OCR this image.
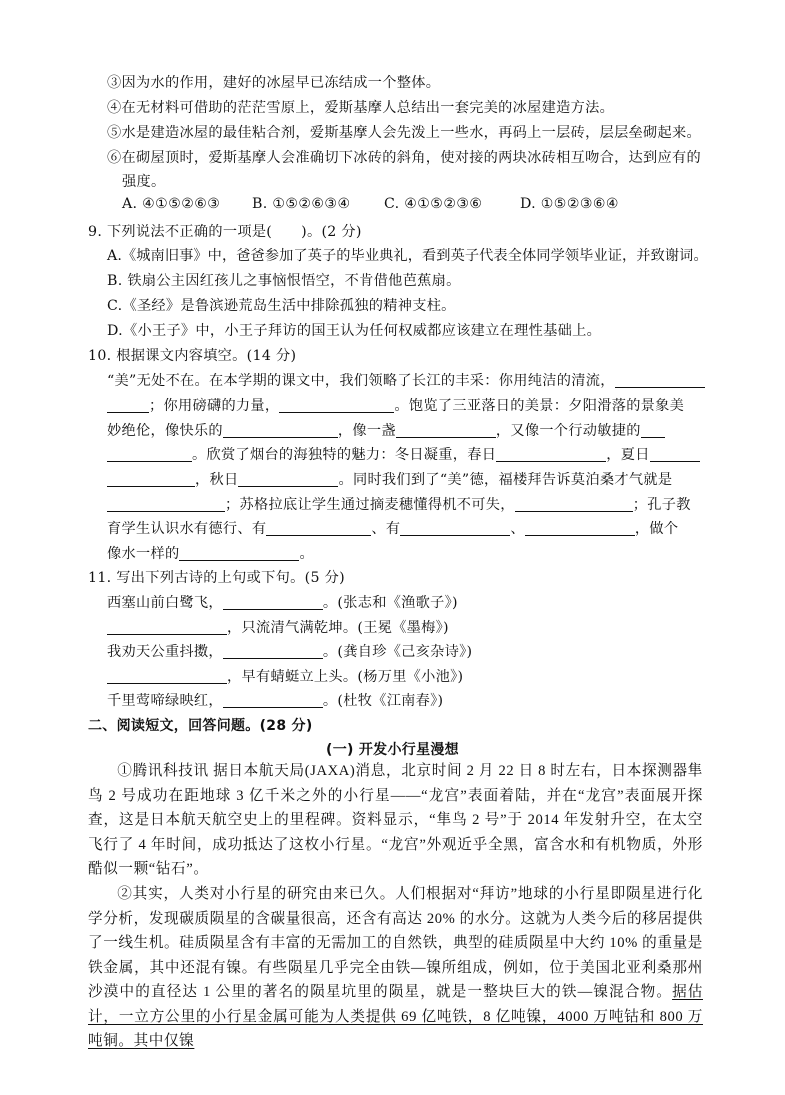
③因为水的作用，建好的冰屋早已冻结成一个整体。
④在无材料可借助的茫茫雪原上，爱斯基摩人总结出一套完美的冰屋建造方法。
⑤水是建造冰屋的最佳粘合剂，爱斯基摩人会先泼上一些水，再码上一层砖，层层垒砌起来。
⑥在砌屋顶时，爱斯基摩人会准确切下冰砖的斜角，使对接的两块冰砖相互吻合，达到应有的
强度。
A. ④①⑤②⑥③ B. ①⑤②⑥③④ C. ④①⑤②③⑥	D. ①⑤②③⑥④
9. 下列说法不正确的一项是(　　)。(2 分)
A.《城南旧事》中，爸爸参加了英子的毕业典礼，看到英子代表全体同学领毕业证，并致谢词。
B. 铁扇公主因红孩儿之事恼恨悟空，不肯借他芭蕉扇。
C.《圣经》是鲁滨逊荒岛生活中排除孤独的精神支柱。
D.《小王子》中，小王子拜访的国王认为任何权威都应该建立在理性基础上。
10. 根据课文内容填空。(14 分)
“美”无处不在。在本学期的课文中，我们领略了长江的丰采：你用纯洁的清流，
；你用磅礴的力量，	。饱览了三亚落日的美景：夕阳滑落的景象美
妙绝伦，像快乐的	，像一盏	，又像一个行动敏捷的
。欣赏了烟台的海独特的魅力：冬日凝重，春日	，夏日
，秋日	。同时我们到了“美”德，福楼拜告诉莫泊桑才气就是
；苏格拉底让学生通过摘麦穗懂得机不可失，	；孔子教
育学生认识水有德行、有	、有	、	，做个
像水一样的	。
11. 写出下列古诗的上句或下句。(5 分)
西塞山前白鹭飞，	。(张志和《渔歌子》)
，只流清气满乾坤。(王冕《墨梅》)
我劝天公重抖擞，	。(龚自珍《己亥杂诗》)
，早有蜻蜓立上头。(杨万里《小池》)
千里莺啼绿映红，	。(杜牧《江南春》)
二、阅读短文，回答问题。(28 分)
(一) 开发小行星漫想
①腾讯科技讯 据日本航天局(JAXA)消息，北京时间 2 月 22 日 8 时左右，日本探测器隼鸟 2 号成功在距地球 3 亿千米之外的小行星——“龙宫”表面着陆，并在“龙宫”表面展开探查，这是日本航天航空史上的里程碑。资料显示，“隼鸟 2 号”于 2014 年发射升空，在太空飞行了 4 年时间，成功抵达了这枚小行星。“龙宫”外观近乎全黑，富含水和有机物质，外形酷似一颗“钻石”。
②其实，人类对小行星的研究由来已久。人们根据对“拜访”地球的小行星即陨星进行化学分析，发现碳质陨星的含碳量很高，还含有高达 20% 的水分。这就为人类今后的移居提供了一线生机。硅质陨星含有丰富的无需加工的自然铁，典型的硅质陨星中大约 10% 的重量是铁金属，其中还混有镍。有些陨星几乎完全由铁—镍所组成，例如，位于美国北亚利桑那州沙漠中的直径达 1 公里的著名的陨星坑里的陨星，就是一整块巨大的铁—镍混合物。据估计，一立方公里的小行星金属可能为人类提供 69 亿吨铁，8 亿吨镍，4000 万吨钴和 800 万吨铜。其中仅镍
